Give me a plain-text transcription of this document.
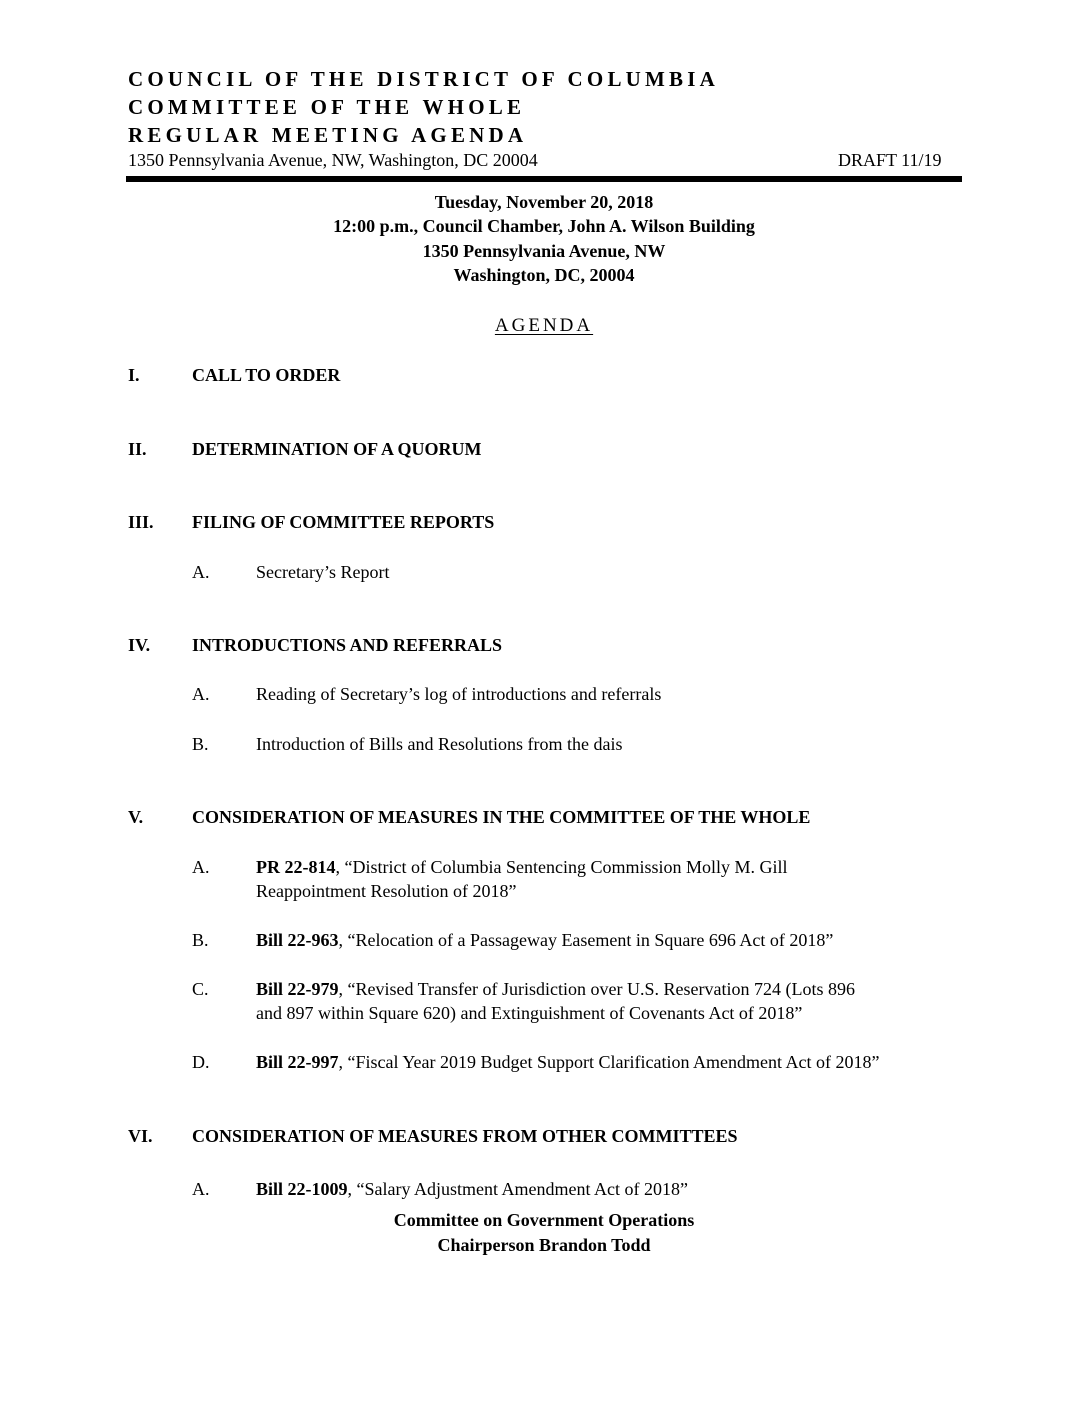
COUNCIL OF THE DISTRICT OF COLUMBIA
COMMITTEE OF THE WHOLE
REGULAR MEETING AGENDA
1350 Pennsylvania Avenue, NW, Washington, DC 20004	DRAFT 11/19
Tuesday, November 20, 2018
12:00 p.m., Council Chamber, John A. Wilson Building
1350 Pennsylvania Avenue, NW
Washington, DC, 20004
AGENDA
I.	CALL TO ORDER
II.	DETERMINATION OF A QUORUM
III. FILING OF COMMITTEE REPORTS
A.	Secretary’s Report
IV. INTRODUCTIONS AND REFERRALS
A.	Reading of Secretary’s log of introductions and referrals
B.	Introduction of Bills and Resolutions from the dais
V.	CONSIDERATION OF MEASURES IN THE COMMITTEE OF THE WHOLE
A.	PR 22-814, “District of Columbia Sentencing Commission Molly M. Gill
Reappointment Resolution of 2018”
B.	Bill 22-963, “Relocation of a Passageway Easement in Square 696 Act of 2018”
C.	Bill 22-979, “Revised Transfer of Jurisdiction over U.S. Reservation 724 (Lots 896
and 897 within Square 620) and Extinguishment of Covenants Act of 2018”
D.	Bill 22-997, “Fiscal Year 2019 Budget Support Clarification Amendment Act of 2018”
VI. CONSIDERATION OF MEASURES FROM OTHER COMMITTEES
A.	Bill 22-1009, “Salary Adjustment Amendment Act of 2018”
Committee on Government Operations
Chairperson Brandon Todd
